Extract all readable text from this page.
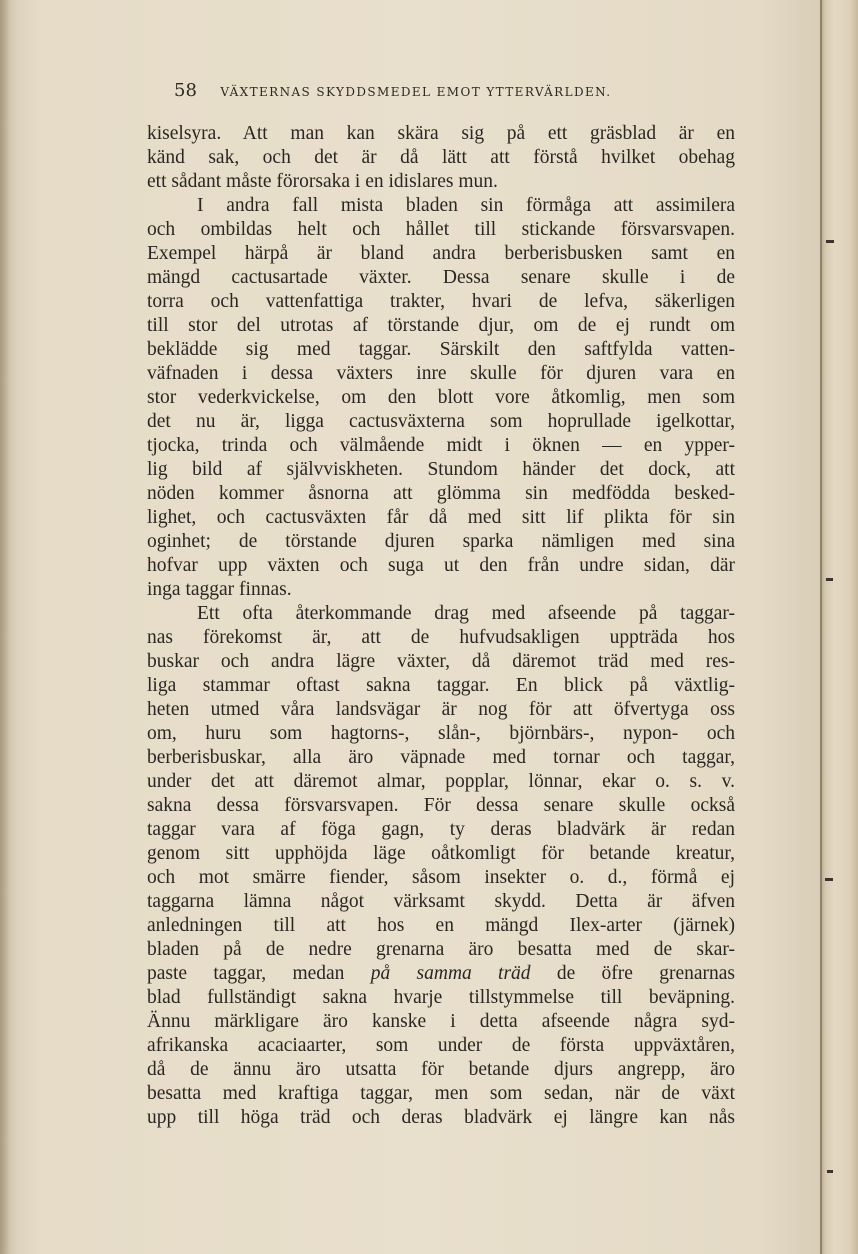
58 VÄXTERNAS SKYDDSMEDEL EMOT YTTERVÄRLDEN.
kiselsyra. Att man kan skära sig på ett gräsblad är en
känd sak, och det är då lätt att förstå hvilket obehag
ett sådant måste förorsaka i en idislares mun.
I andra fall mista bladen sin förmåga att assimilera
och ombildas helt och hållet till stickande försvarsvapen.
Exempel härpå är bland andra berberisbusken samt en
mängd cactusartade växter. Dessa senare skulle i de
torra och vattenfattiga trakter, hvari de lefva, säkerligen
till stor del utrotas af törstande djur, om de ej rundt om
beklädde sig med taggar. Särskilt den saftfylda vatten-
väfnaden i dessa växters inre skulle för djuren vara en
stor vederkvickelse, om den blott vore åtkomlig, men som
det nu är, ligga cactusväxterna som hoprullade igelkottar,
tjocka, trinda och välmående midt i öknen — en ypper-
lig bild af självviskheten. Stundom händer det dock, att
nöden kommer åsnorna att glömma sin medfödda besked-
lighet, och cactusväxten får då med sitt lif plikta för sin
oginhet; de törstande djuren sparka nämligen med sina
hofvar upp växten och suga ut den från undre sidan, där
inga taggar finnas.
Ett ofta återkommande drag med afseende på taggar-
nas förekomst är, att de hufvudsakligen uppträda hos
buskar och andra lägre växter, då däremot träd med res-
liga stammar oftast sakna taggar. En blick på växtlig-
heten utmed våra landsvägar är nog för att öfvertyga oss
om, huru som hagtorns-, slån-, björnbärs-, nypon- och
berberisbuskar, alla äro väpnade med tornar och taggar,
under det att däremot almar, popplar, lönnar, ekar o. s. v.
sakna dessa försvarsvapen. För dessa senare skulle också
taggar vara af föga gagn, ty deras bladvärk är redan
genom sitt upphöjda läge oåtkomligt för betande kreatur,
och mot smärre fiender, såsom insekter o. d., förmå ej
taggarna lämna något värksamt skydd. Detta är äfven
anledningen till att hos en mängd Ilex-arter (järnek)
bladen på de nedre grenarna äro besatta med de skar-
paste taggar, medan på samma träd de öfre grenarnas
blad fullständigt sakna hvarje tillstymmelse till beväpning.
Ännu märkligare äro kanske i detta afseende några syd-
afrikanska acaciaarter, som under de första uppväxtåren,
då de ännu äro utsatta för betande djurs angrepp, äro
besatta med kraftiga taggar, men som sedan, när de växt
upp till höga träd och deras bladvärk ej längre kan nås
